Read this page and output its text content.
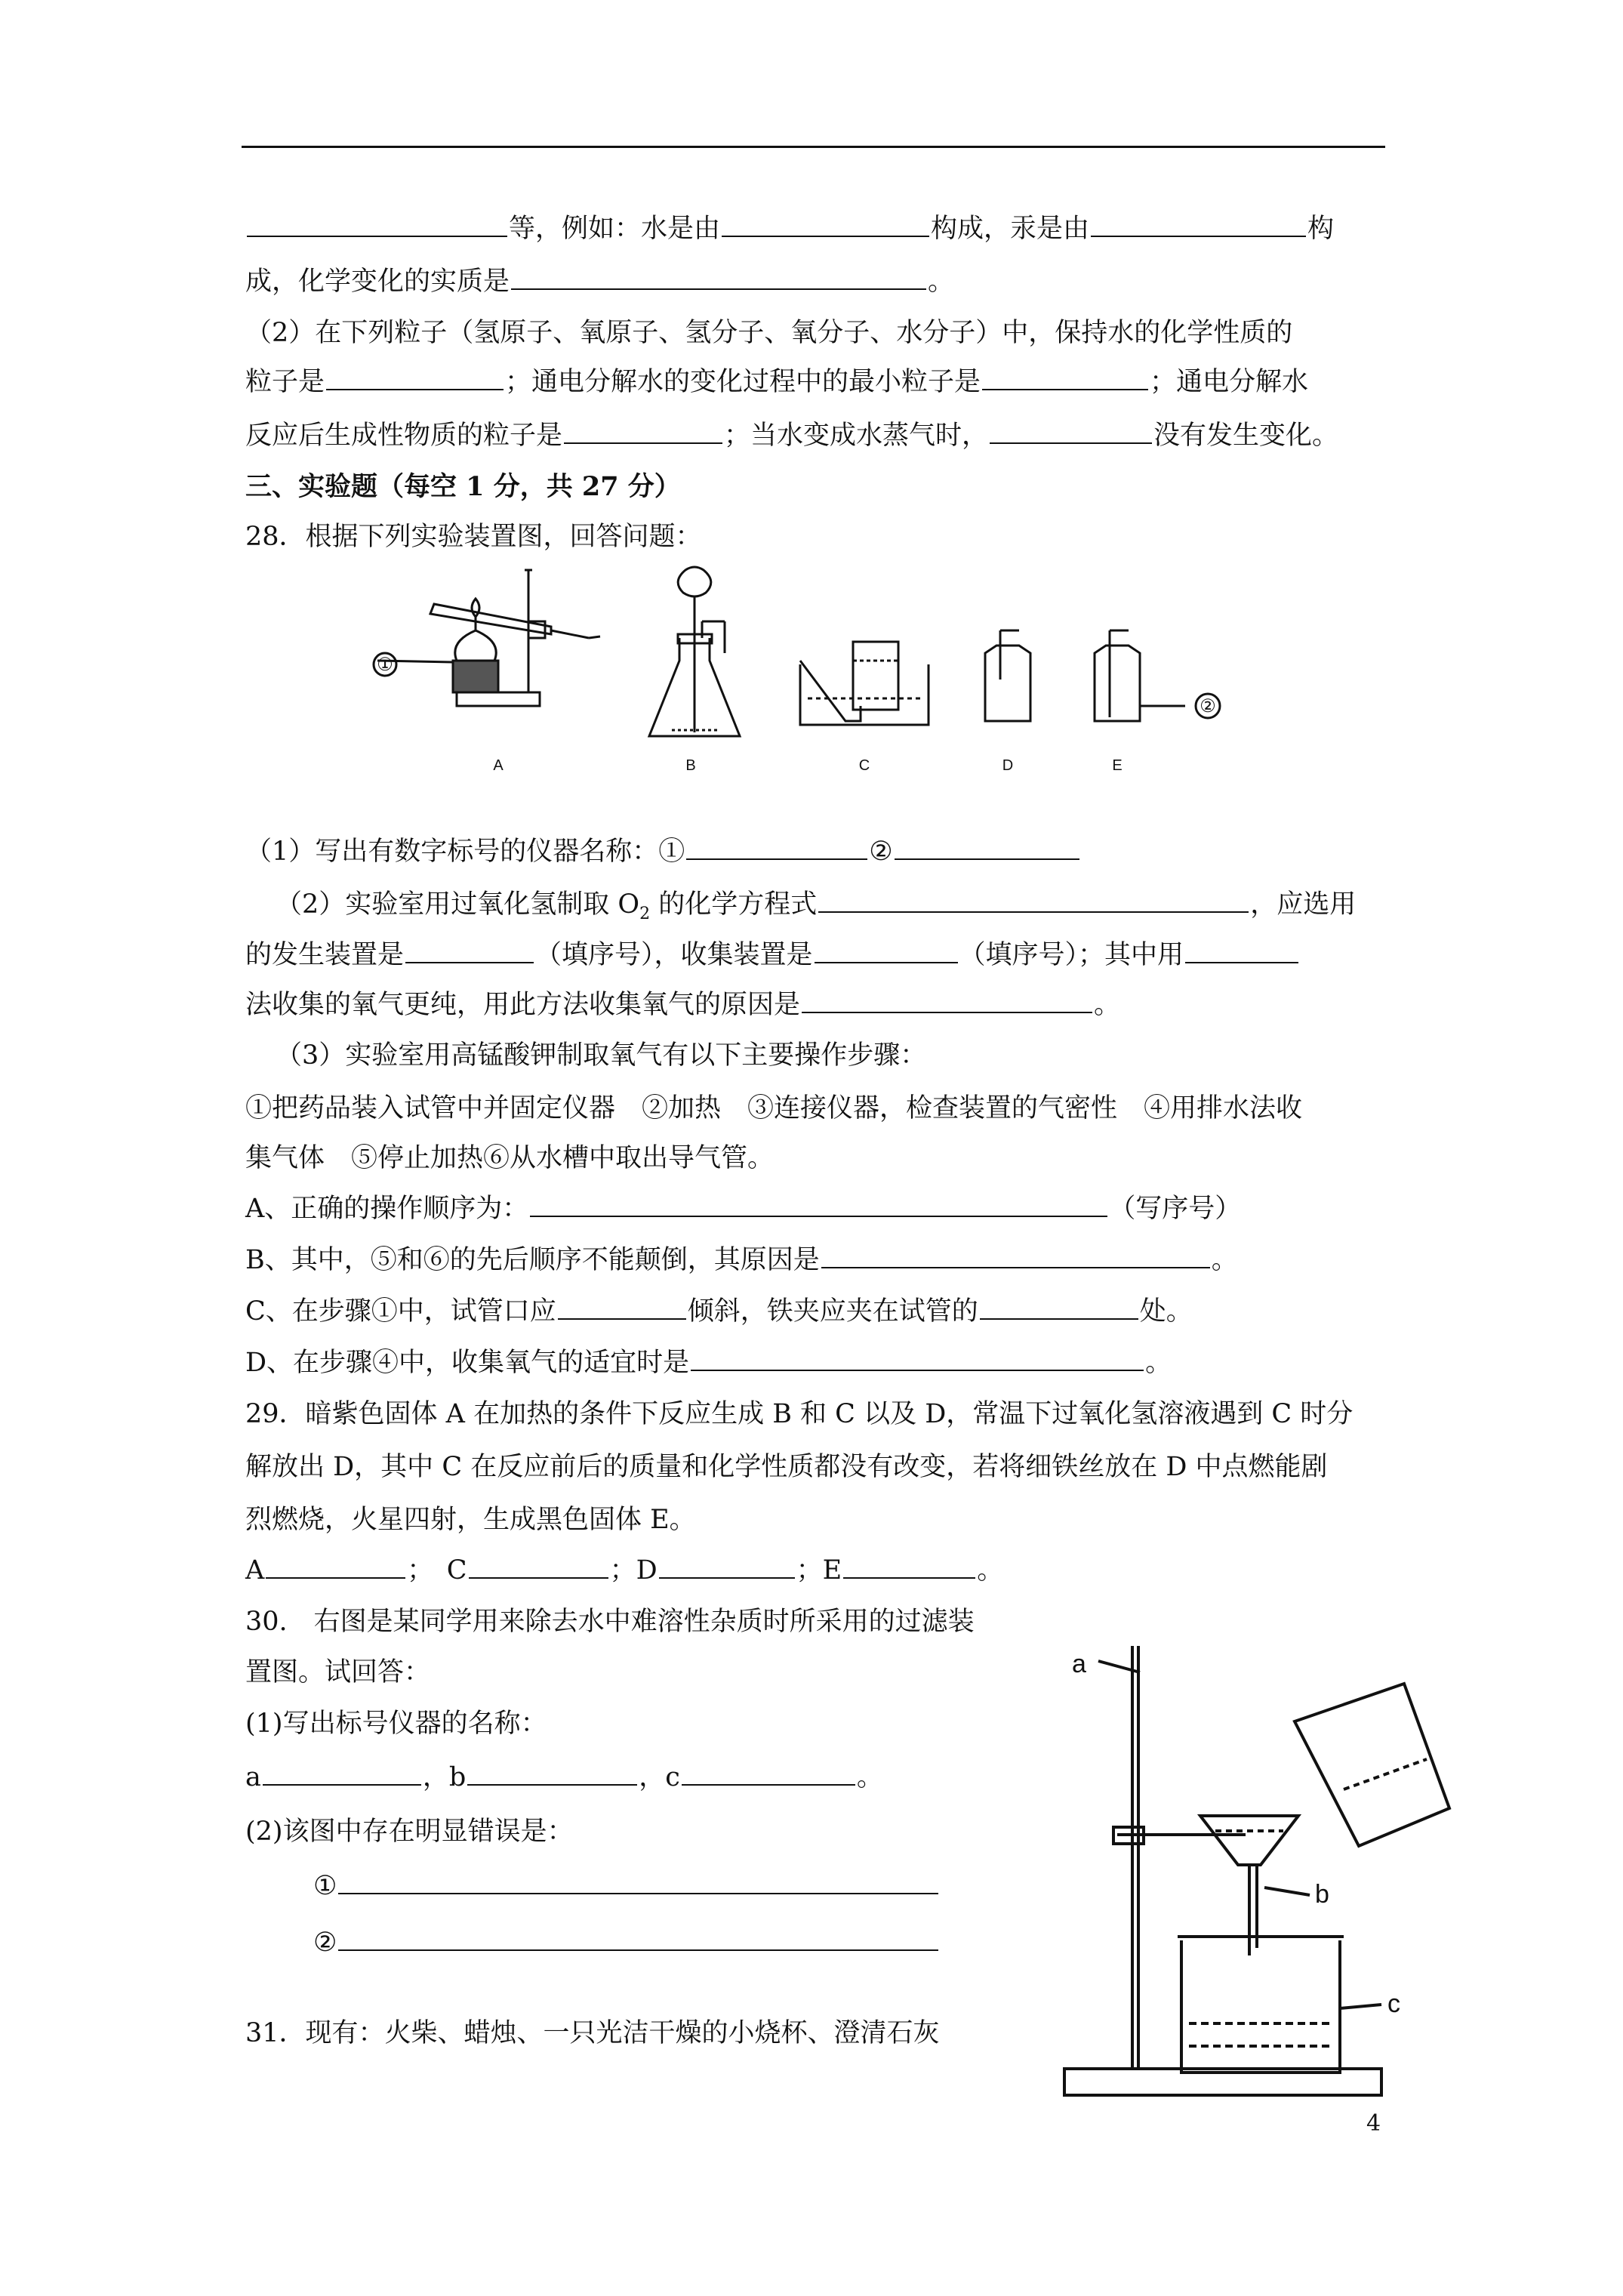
等，例如：水是由	构成，汞是由	构
成，化学变化的实质是	。
（2）在下列粒子（氢原子、氧原子、氢分子、氧分子、水分子）中，保持水的化学性质的
粒子是	；通电分解水的变化过程中的最小粒子是	；通电分解水
反应后生成性物质的粒子是	；当水变成水蒸气时，	没有发生变化。
三、实验题（每空 1 分，共 27 分）
28．根据下列实验装置图，回答问题：
A	B	C	D	E
①
②
（1）写出有数字标号的仪器名称：①	②
（2）实验室用过氧化氢制取 $O_2$ 的化学方程式	，应选用
的发生装置是	（填序号），收集装置是	（填序号）；其中用
法收集的氧气更纯，用此方法收集氧气的原因是	。
（3）实验室用高锰酸钾制取氧气有以下主要操作步骤：
①把药品装入试管中并固定仪器　②加热　③连接仪器，检查装置的气密性　④用排水法收
集气体　⑤停止加热⑥从水槽中取出导气管。
A、正确的操作顺序为：	（写序号）
B、其中，⑤和⑥的先后顺序不能颠倒，其原因是	。
C、在步骤①中，试管口应	倾斜，铁夹应夹在试管的	处。
D、在步骤④中，收集氧气的适宜时是	。
29．暗紫色固体 A 在加热的条件下反应生成 B 和 C 以及 D，常温下过氧化氢溶液遇到 C 时分
解放出 D，其中 C 在反应前后的质量和化学性质都没有改变，若将细铁丝放在 D 中点燃能剧
烈燃烧，火星四射，生成黑色固体 E。
A	；　C	；D	；E	。
30.　右图是某同学用来除去水中难溶性杂质时所采用的过滤装
置图。试回答：
(1)写出标号仪器的名称：
a	，b	，c	。
(2)该图中存在明显错误是：
①
②
31．现有：火柴、蜡烛、一只光洁干燥的小烧杯、澄清石灰
a
b
c
4
